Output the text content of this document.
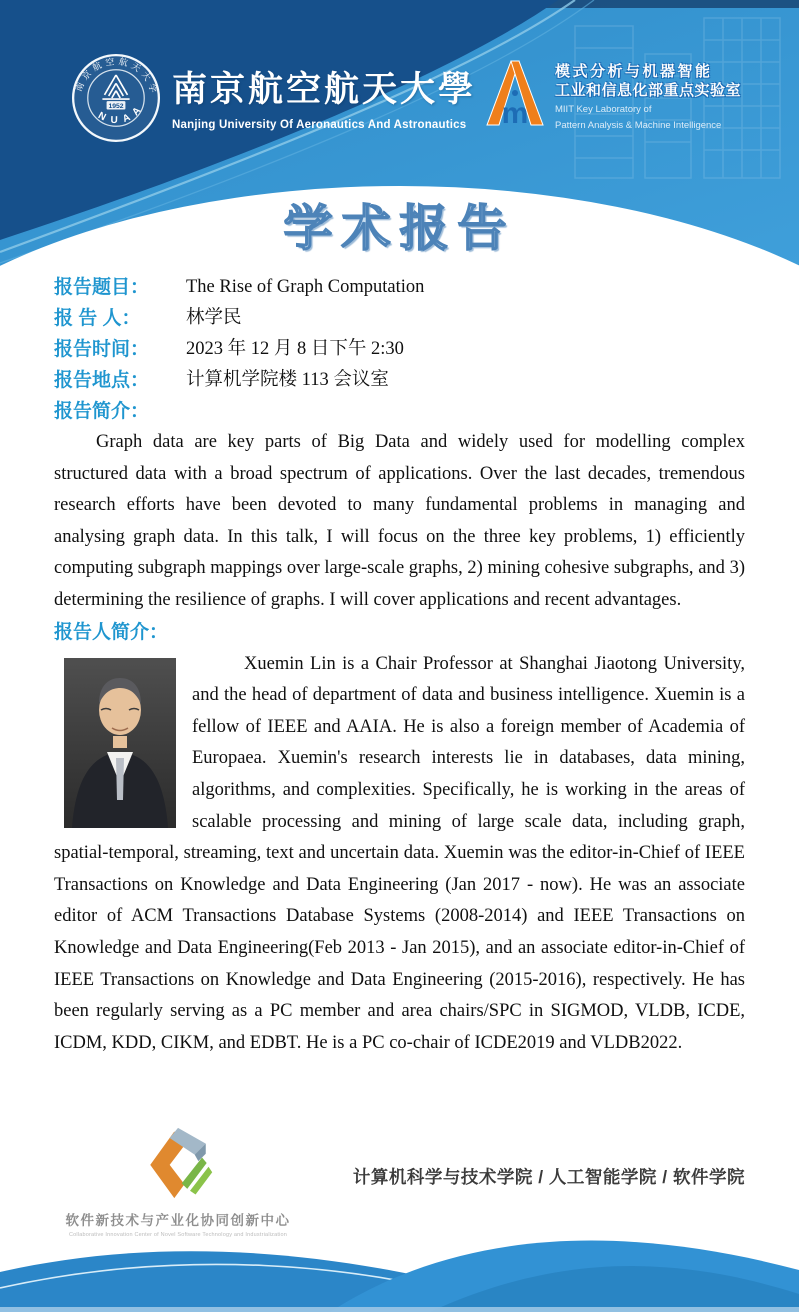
南京航空航天大学
1952
N U A A
南京航空航天大學
Nanjing University Of Aeronautics And Astronautics	m
模式分析与机器智能
工业和信息化部重点实验室
MIIT Key Laboratory of
Pattern Analysis & Machine Intelligence
学术报告
报告题目：	The Rise of Graph Computation
报 告 人：	林学民
报告时间：	2023 年 12 月 8 日下午 2:30
报告地点：	计算机学院楼 113 会议室
报告简介：

Graph data are key parts of Big Data and widely used for modelling complex structured data with a broad spectrum of applications. Over the last decades, tremendous research efforts have been devoted to many fundamental problems in managing and analysing graph data. In this talk, I will focus on the three key problems, 1) efficiently computing subgraph mappings over large-scale graphs, 2) mining cohesive subgraphs, and 3) determining the resilience of graphs. I will cover applications and recent advantages.

报告人简介：

Xuemin Lin is a Chair Professor at Shanghai Jiaotong University, and the head of department of data and business intelligence. Xuemin is a fellow of IEEE and AAIA. He is also a foreign member of Academia of Europaea. Xuemin's research interests lie in databases, data mining, algorithms, and complexities. Specifically, he is working in the areas of scalable processing and mining of large scale data, including graph, spatial-temporal, streaming, text and uncertain data. Xuemin was the editor-in-Chief of IEEE Transactions on Knowledge and Data Engineering (Jan 2017 - now). He was an associate editor of ACM Transactions Database Systems (2008-2014) and IEEE Transactions on Knowledge and Data Engineering(Feb 2013 - Jan 2015), and an associate editor-in-Chief of IEEE Transactions on Knowledge and Data Engineering (2015-2016), respectively. He has been regularly serving as a PC member and area chairs/SPC in SIGMOD, VLDB, ICDE, ICDM, KDD, CIKM, and EDBT. He is a PC co-chair of ICDE2019 and VLDB2022.

软件新技术与产业化协同创新中心
Collaborative Innovation Center of Novel Software Technology and Industrialization
计算机科学与技术学院 / 人工智能学院 / 软件学院
